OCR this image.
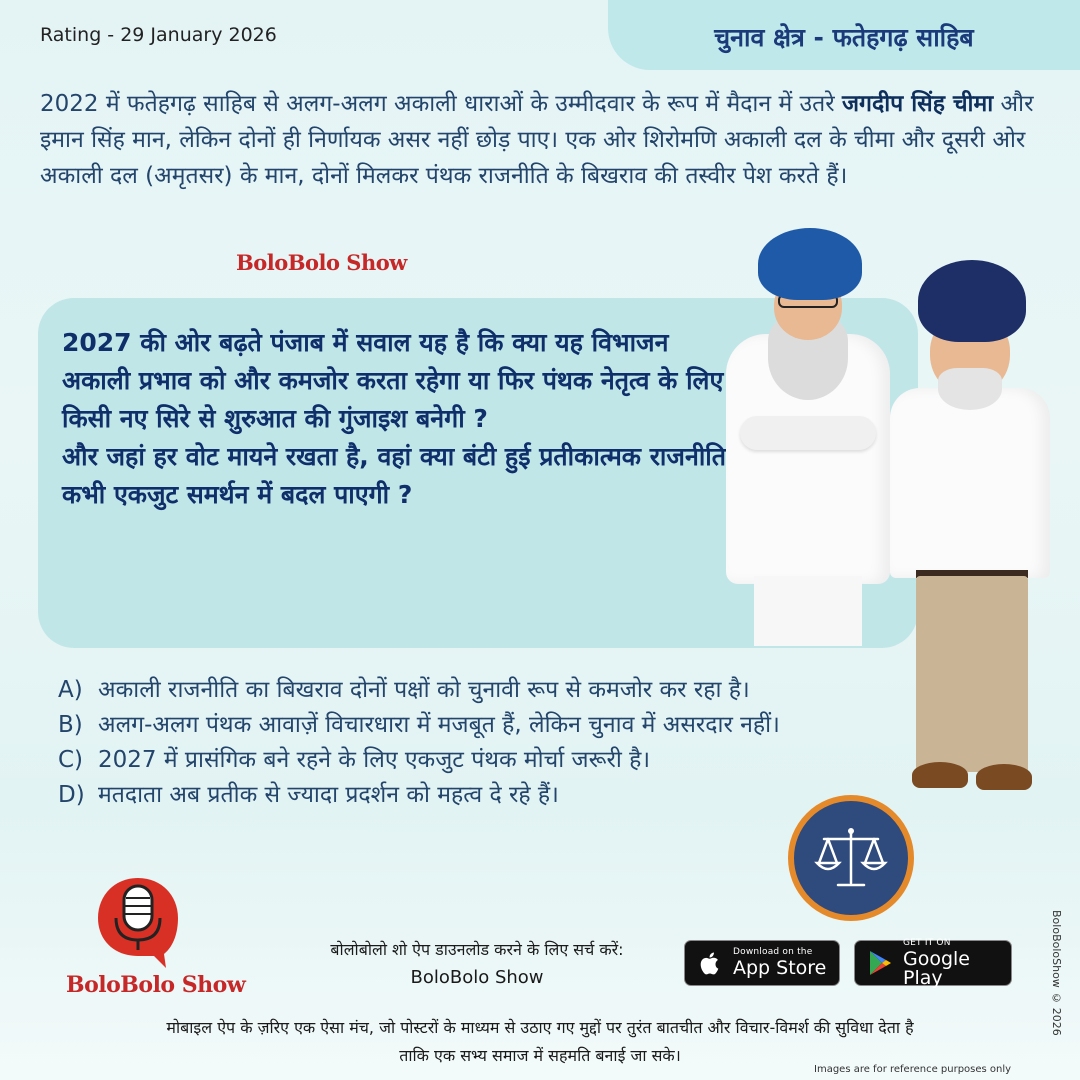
Rating - 29 January 2026	चुनाव क्षेत्र - फतेहगढ़ साहिब
2022 में फतेहगढ़ साहिब से अलग-अलग अकाली धाराओं के उम्मीदवार के रूप में मैदान में उतरे जगदीप सिंह चीमा और इमान सिंह मान, लेकिन दोनों ही निर्णायक असर नहीं छोड़ पाए। एक ओर शिरोमणि अकाली दल के चीमा और दूसरी ओर अकाली दल (अमृतसर) के मान, दोनों मिलकर पंथक राजनीति के बिखराव की तस्वीर पेश करते हैं।
BoloBolo Show
2027 की ओर बढ़ते पंजाब में सवाल यह है कि क्या यह विभाजन अकाली प्रभाव को और कमजोर करता रहेगा या फिर पंथक नेतृत्व के लिए किसी नए सिरे से शुरुआत की गुंजाइश बनेगी ?
और जहां हर वोट मायने रखता है, वहां क्या बंटी हुई प्रतीकात्मक राजनीति कभी एकजुट समर्थन में बदल पाएगी ?
A) अकाली राजनीति का बिखराव दोनों पक्षों को चुनावी रूप से कमजोर कर रहा है।
B) अलग-अलग पंथक आवाज़ें विचारधारा में मजबूत हैं, लेकिन चुनाव में असरदार नहीं।
C) 2027 में प्रासंगिक बने रहने के लिए एकजुट पंथक मोर्चा जरूरी है।
D) मतदाता अब प्रतीक से ज्यादा प्रदर्शन को महत्व दे रहे हैं।
BoloBolo Show
बोलोबोलो शो ऐप डाउनलोड करने के लिए सर्च करें:
BoloBolo Show
Download on the
App Store
GET IT ON
Google Play
मोबाइल ऐप के ज़रिए एक ऐसा मंच, जो पोस्टरों के माध्यम से उठाए गए मुद्दों पर तुरंत बातचीत और विचार-विमर्श की सुविधा देता है
ताकि एक सभ्य समाज में सहमति बनाई जा सके।
BoloBoloShow © 2026
Images are for reference purposes only
